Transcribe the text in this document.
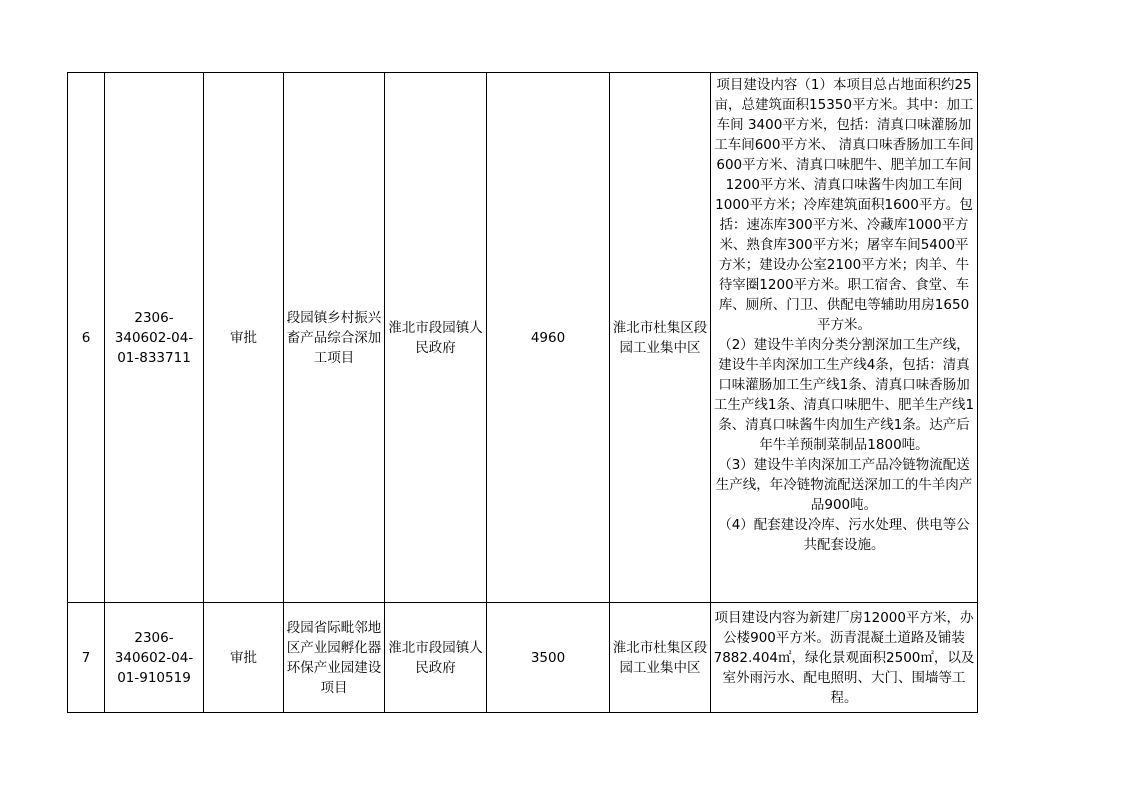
6	2306-340602-04-01-833711	审批	段园镇乡村振兴畜产品综合深加工项目	淮北市段园镇人民政府	4960	淮北市杜集区段园工业集中区	项目建设内容（1）本项目总占地面积约25亩，总建筑面积15350平方米。其中：加工车间 3400平方米，包括：清真口味灌肠加工车间600平方米、 清真口味香肠加工车间600平方米、清真口味肥牛、肥羊加工车间1200平方米、清真口味酱牛肉加工车间1000平方米；冷库建筑面积1600平方。包括：速冻库300平方米、冷藏库1000平方米、熟食库300平方米；屠宰车间5400平方米；建设办公室2100平方米；肉羊、牛待宰圈1200平方米。职工宿舍、食堂、车库、厕所、门卫、供配电等辅助用房1650平方米。

（2）建设牛羊肉分类分割深加工生产线，建设牛羊肉深加工生产线4条，包括：清真口味灌肠加工生产线1条、清真口味香肠加工生产线1条、清真口味肥牛、肥羊生产线1条、清真口味酱牛肉加生产线1条。达产后年牛羊预制菜制品1800吨。

（3）建设牛羊肉深加工产品冷链物流配送生产线，年冷链物流配送深加工的牛羊肉产品900吨。

（4）配套建设冷库、污水处理、供电等公共配套设施。

7	2306-340602-04-01-910519	审批	段园省际毗邻地区产业园孵化器环保产业园建设项目	淮北市段园镇人民政府	3500	淮北市杜集区段园工业集中区	项目建设内容为新建厂房12000平方米，办公楼900平方米。沥青混凝土道路及铺装7882.404㎡，绿化景观面积2500㎡，以及室外雨污水、配电照明、大门、围墙等工程。
